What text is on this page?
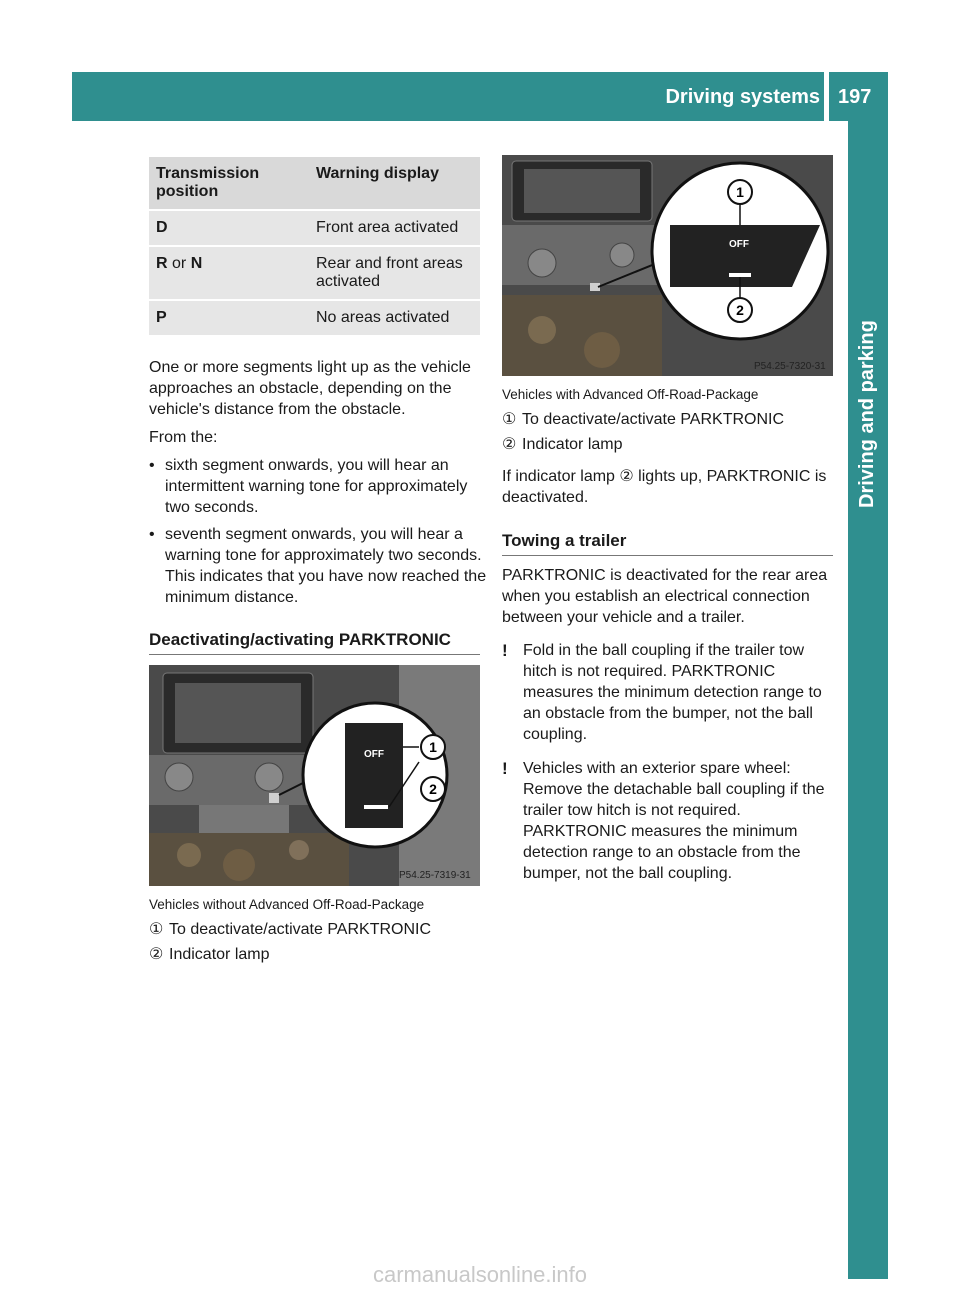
Driving systems 197
Driving and parking
Transmission position	Warning display
D	Front area activated
R or N	Rear and front areas activated
P	No areas activated
One or more segments light up as the vehicle approaches an obstacle, depending on the vehicle's distance from the obstacle.
From the:
• sixth segment onwards, you will hear an intermittent warning tone for approximately two seconds.
• seventh segment onwards, you will hear a warning tone for approximately two seconds. This indicates that you have now reached the minimum distance.
Deactivating/activating PARKTRONIC
OFF	1
2
P54.25-7319-31
Vehicles without Advanced Off-Road-Package
① To deactivate/activate PARKTRONIC
② Indicator lamp
OFF
1
2
P54.25-7320-31
Vehicles with Advanced Off-Road-Package
① To deactivate/activate PARKTRONIC
② Indicator lamp
If indicator lamp ② lights up, PARKTRONIC is deactivated.
Towing a trailer
PARKTRONIC is deactivated for the rear area when you establish an electrical connection between your vehicle and a trailer.
! Fold in the ball coupling if the trailer tow hitch is not required. PARKTRONIC measures the minimum detection range to an obstacle from the bumper, not the ball coupling.
! Vehicles with an exterior spare wheel: Remove the detachable ball coupling if the trailer tow hitch is not required. PARKTRONIC measures the minimum detection range to an obstacle from the bumper, not the ball coupling.
carmanualsonline.info
